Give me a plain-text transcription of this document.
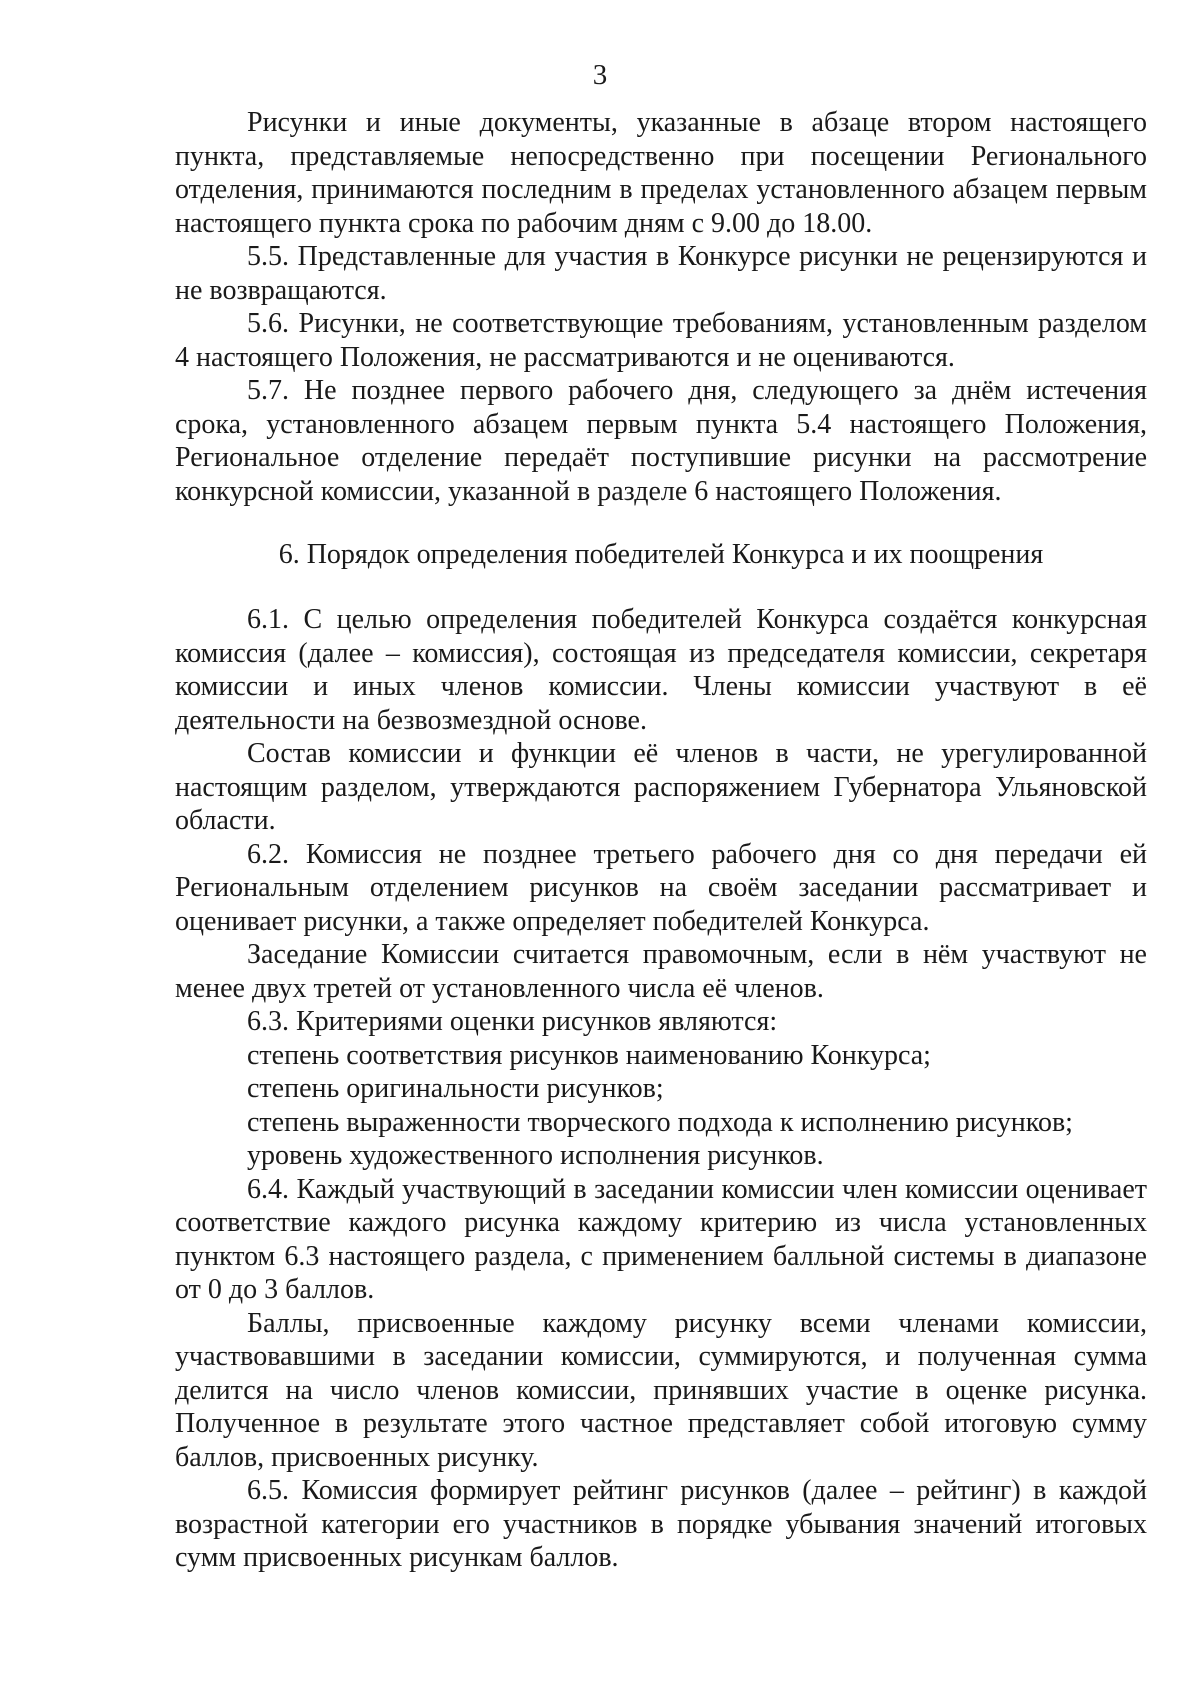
3

Рисунки и иные документы, указанные в абзаце втором настоящего пункта, представляемые непосредственно при посещении Регионального отделения, принимаются последним в пределах установленного абзацем первым настоящего пункта срока по рабочим дням с 9.00 до 18.00.

5.5. Представленные для участия в Конкурсе рисунки не рецензируются и не возвращаются.

5.6. Рисунки, не соответствующие требованиям, установленным разделом 4 настоящего Положения, не рассматриваются и не оцениваются.

5.7. Не позднее первого рабочего дня, следующего за днём истечения срока, установленного абзацем первым пункта 5.4 настоящего Положения, Региональное отделение передаёт поступившие рисунки на рассмотрение конкурсной комиссии, указанной в разделе 6 настоящего Положения.

6. Порядок определения победителей Конкурса и их поощрения

6.1. С целью определения победителей Конкурса создаётся конкурсная комиссия (далее – комиссия), состоящая из председателя комиссии, секретаря комиссии и иных членов комиссии. Члены комиссии участвуют в её деятельности на безвозмездной основе.

Состав комиссии и функции её членов в части, не урегулированной настоящим разделом, утверждаются распоряжением Губернатора Ульяновской области.

6.2. Комиссия не позднее третьего рабочего дня со дня передачи ей Региональным отделением рисунков на своём заседании рассматривает и оценивает рисунки, а также определяет победителей Конкурса.

Заседание Комиссии считается правомочным, если в нём участвуют не менее двух третей от установленного числа её членов.

6.3. Критериями оценки рисунков являются:

степень соответствия рисунков наименованию Конкурса;

степень оригинальности рисунков;

степень выраженности творческого подхода к исполнению рисунков;

уровень художественного исполнения рисунков.

6.4. Каждый участвующий в заседании комиссии член комиссии оценивает соответствие каждого рисунка каждому критерию из числа установленных пунктом 6.3 настоящего раздела, с применением балльной системы в диапазоне от 0 до 3 баллов.

Баллы, присвоенные каждому рисунку всеми членами комиссии, участвовавшими в заседании комиссии, суммируются, и полученная сумма делится на число членов комиссии, принявших участие в оценке рисунка. Полученное в результате этого частное представляет собой итоговую сумму баллов, присвоенных рисунку.

6.5. Комиссия формирует рейтинг рисунков (далее – рейтинг) в каждой возрастной категории его участников в порядке убывания значений итоговых сумм присвоенных рисункам баллов.
